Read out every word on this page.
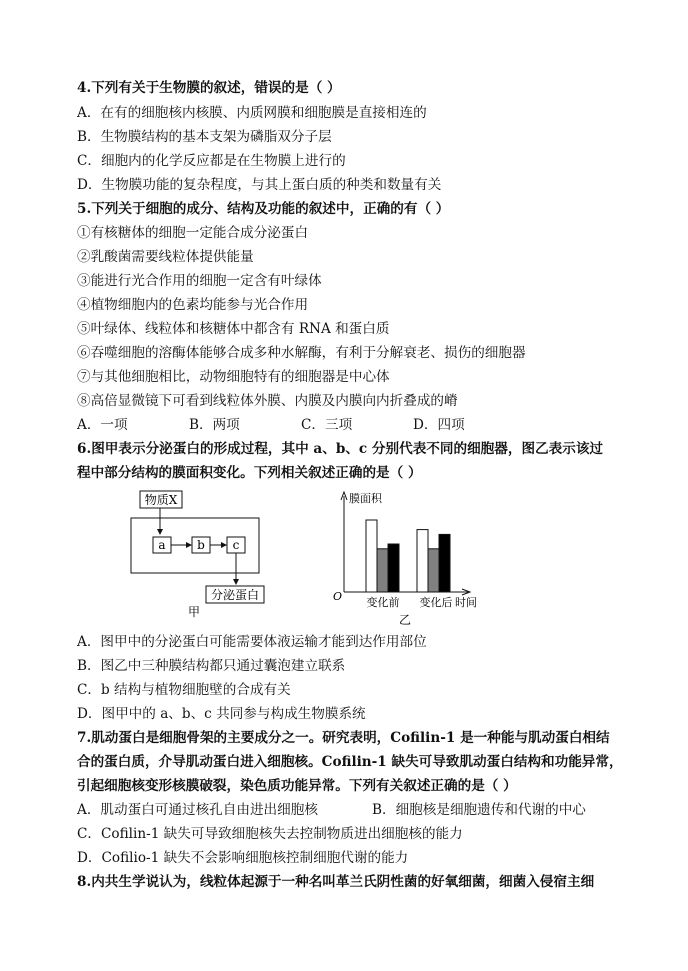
4.下列有关于生物膜的叙述，错误的是（ ）
A．在有的细胞核内核膜、内质网膜和细胞膜是直接相连的
B．生物膜结构的基本支架为磷脂双分子层
C．细胞内的化学反应都是在生物膜上进行的
D．生物膜功能的复杂程度，与其上蛋白质的种类和数量有关
5.下列关于细胞的成分、结构及功能的叙述中，正确的有（ ）
①有核糖体的细胞一定能合成分泌蛋白
②乳酸菌需要线粒体提供能量
③能进行光合作用的细胞一定含有叶绿体
④植物细胞内的色素均能参与光合作用
⑤叶绿体、线粒体和核糖体中都含有 RNA 和蛋白质
⑥吞噬细胞的溶酶体能够合成多种水解酶，有利于分解衰老、损伤的细胞器
⑦与其他细胞相比，动物细胞特有的细胞器是中心体
⑧高倍显微镜下可看到线粒体外膜、内膜及内膜向内折叠成的嵴
A．一项	B．两项	C．三项	D．四项
6.图甲表示分泌蛋白的形成过程，其中 a、b、c 分别代表不同的细胞器，图乙表示该过
程中部分结构的膜面积变化。下列相关叙述正确的是（ ）
物质X
a	b c
分泌蛋白
甲
膜面积
O	时间
变化前 变化后
乙
A．图甲中的分泌蛋白可能需要体液运输才能到达作用部位
B．图乙中三种膜结构都只通过囊泡建立联系
C．b 结构与植物细胞壁的合成有关
D．图甲中的 a、b、c 共同参与构成生物膜系统
7.肌动蛋白是细胞骨架的主要成分之一。研究表明，Cofilin-1 是一种能与肌动蛋白相结
合的蛋白质，介导肌动蛋白进入细胞核。Cofilin-1 缺失可导致肌动蛋白结构和功能异常，
引起细胞核变形核膜破裂，染色质功能异常。下列有关叙述正确的是（ ）
A．肌动蛋白可通过核孔自由进出细胞核	B．细胞核是细胞遗传和代谢的中心
C．Cofilin-1 缺失可导致细胞核失去控制物质进出细胞核的能力
D．Cofilio-1 缺失不会影响细胞核控制细胞代谢的能力
8.内共生学说认为，线粒体起源于一种名叫革兰氏阴性菌的好氧细菌，细菌入侵宿主细
